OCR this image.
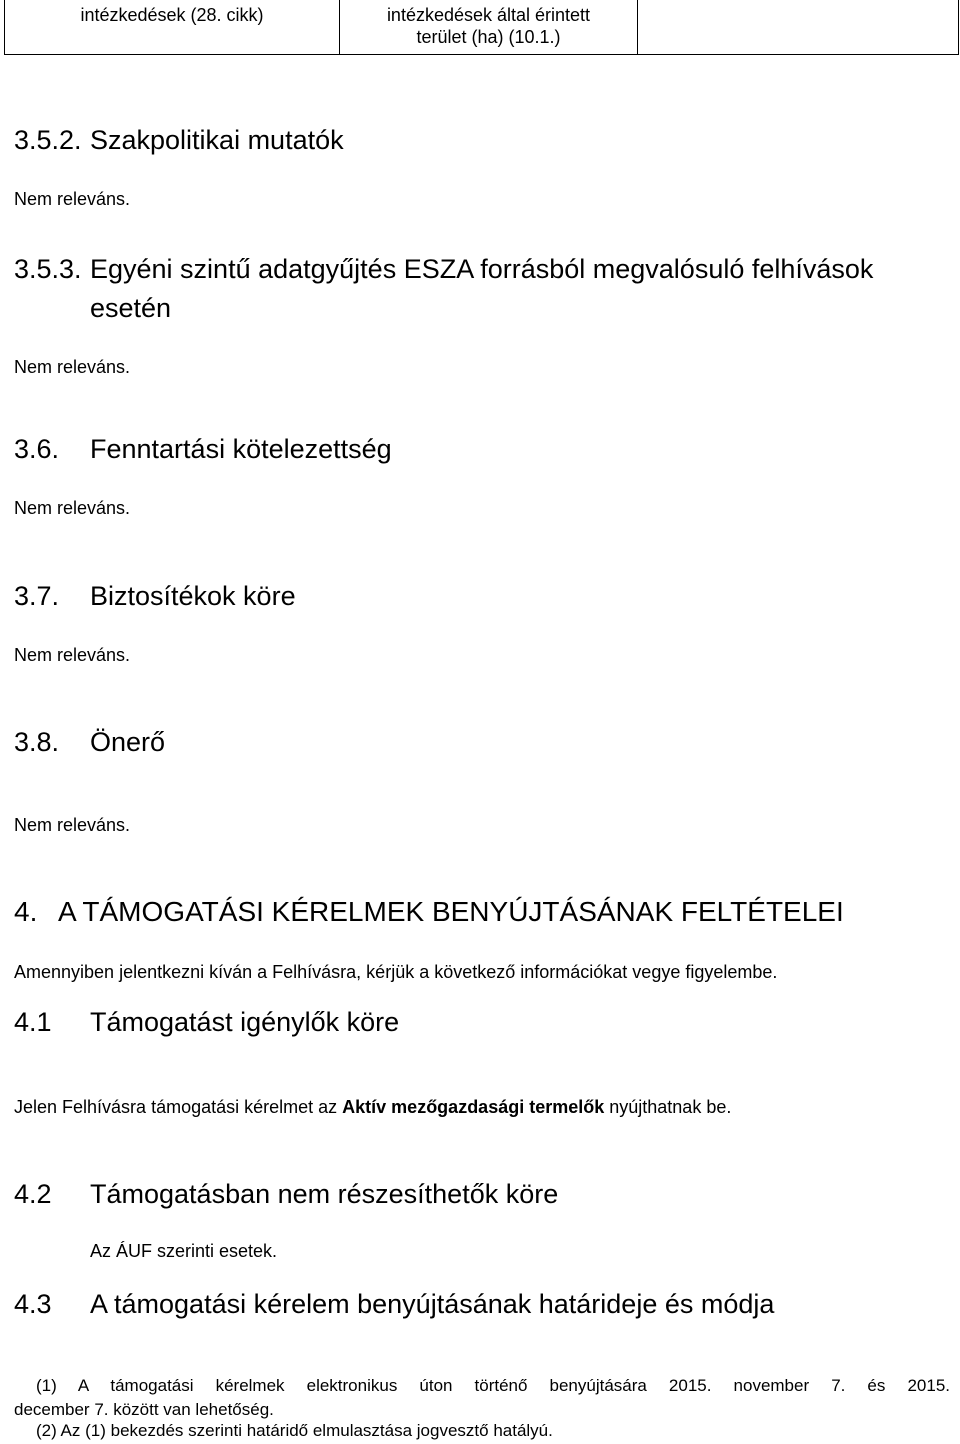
intézkedések (28. cikk)	intézkedések által érintett
terület (ha) (10.1.)	
3.5.2. Szakpolitikai mutatók
Nem releváns.
3.5.3. Egyéni szintű adatgyűjtés ESZA forrásból megvalósuló felhívások
esetén
Nem releváns.
3.6. Fenntartási kötelezettség
Nem releváns.
3.7. Biztosítékok köre
Nem releváns.
3.8. Önerő
Nem releváns.
4. A TÁMOGATÁSI KÉRELMEK BENYÚJTÁSÁNAK FELTÉTELEI
Amennyiben jelentkezni kíván a Felhívásra, kérjük a következő információkat vegye figyelembe.
4.1 Támogatást igénylők köre
Jelen Felhívásra támogatási kérelmet az Aktív mezőgazdasági termelők nyújthatnak be.
4.2 Támogatásban nem részesíthetők köre
Az ÁUF szerinti esetek.
4.3 A támogatási kérelem benyújtásának határideje és módja
(1) A támogatási kérelmek elektronikus úton történő benyújtására 2015. november 7. és 2015.
december 7. között van lehetőség.
(2) Az (1) bekezdés szerinti határidő elmulasztása jogvesztő hatályú.
